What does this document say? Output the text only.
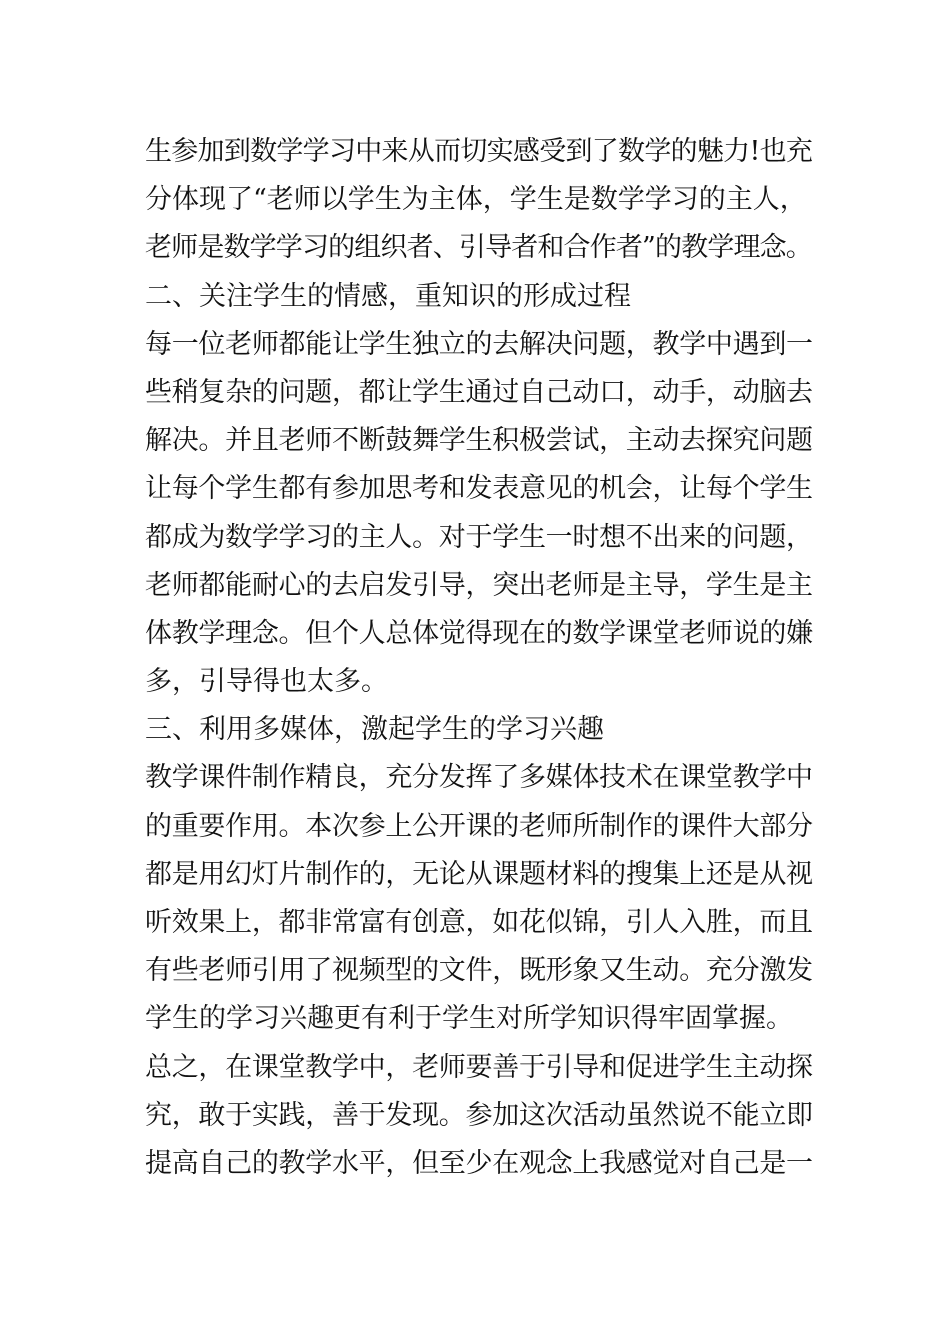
生参加到数学学习中来从而切实感受到了数学的魅力!也充
分体现了“老师以学生为主体，学生是数学学习的主人，
老师是数学学习的组织者、引导者和合作者”的教学理念。
二、关注学生的情感，重知识的形成过程
每一位老师都能让学生独立的去解决问题，教学中遇到一
些稍复杂的问题，都让学生通过自己动口，动手，动脑去
解决。并且老师不断鼓舞学生积极尝试，主动去探究问题
让每个学生都有参加思考和发表意见的机会，让每个学生
都成为数学学习的主人。对于学生一时想不出来的问题，
老师都能耐心的去启发引导，突出老师是主导，学生是主
体教学理念。但个人总体觉得现在的数学课堂老师说的嫌
多，引导得也太多。
三、利用多媒体，激起学生的学习兴趣
教学课件制作精良，充分发挥了多媒体技术在课堂教学中
的重要作用。本次参上公开课的老师所制作的课件大部分
都是用幻灯片制作的，无论从课题材料的搜集上还是从视
听效果上，都非常富有创意，如花似锦，引人入胜，而且
有些老师引用了视频型的文件，既形象又生动。充分激发
学生的学习兴趣更有利于学生对所学知识得牢固掌握。
总之，在课堂教学中，老师要善于引导和促进学生主动探
究，敢于实践，善于发现。参加这次活动虽然说不能立即
提高自己的教学水平，但至少在观念上我感觉对自己是一
